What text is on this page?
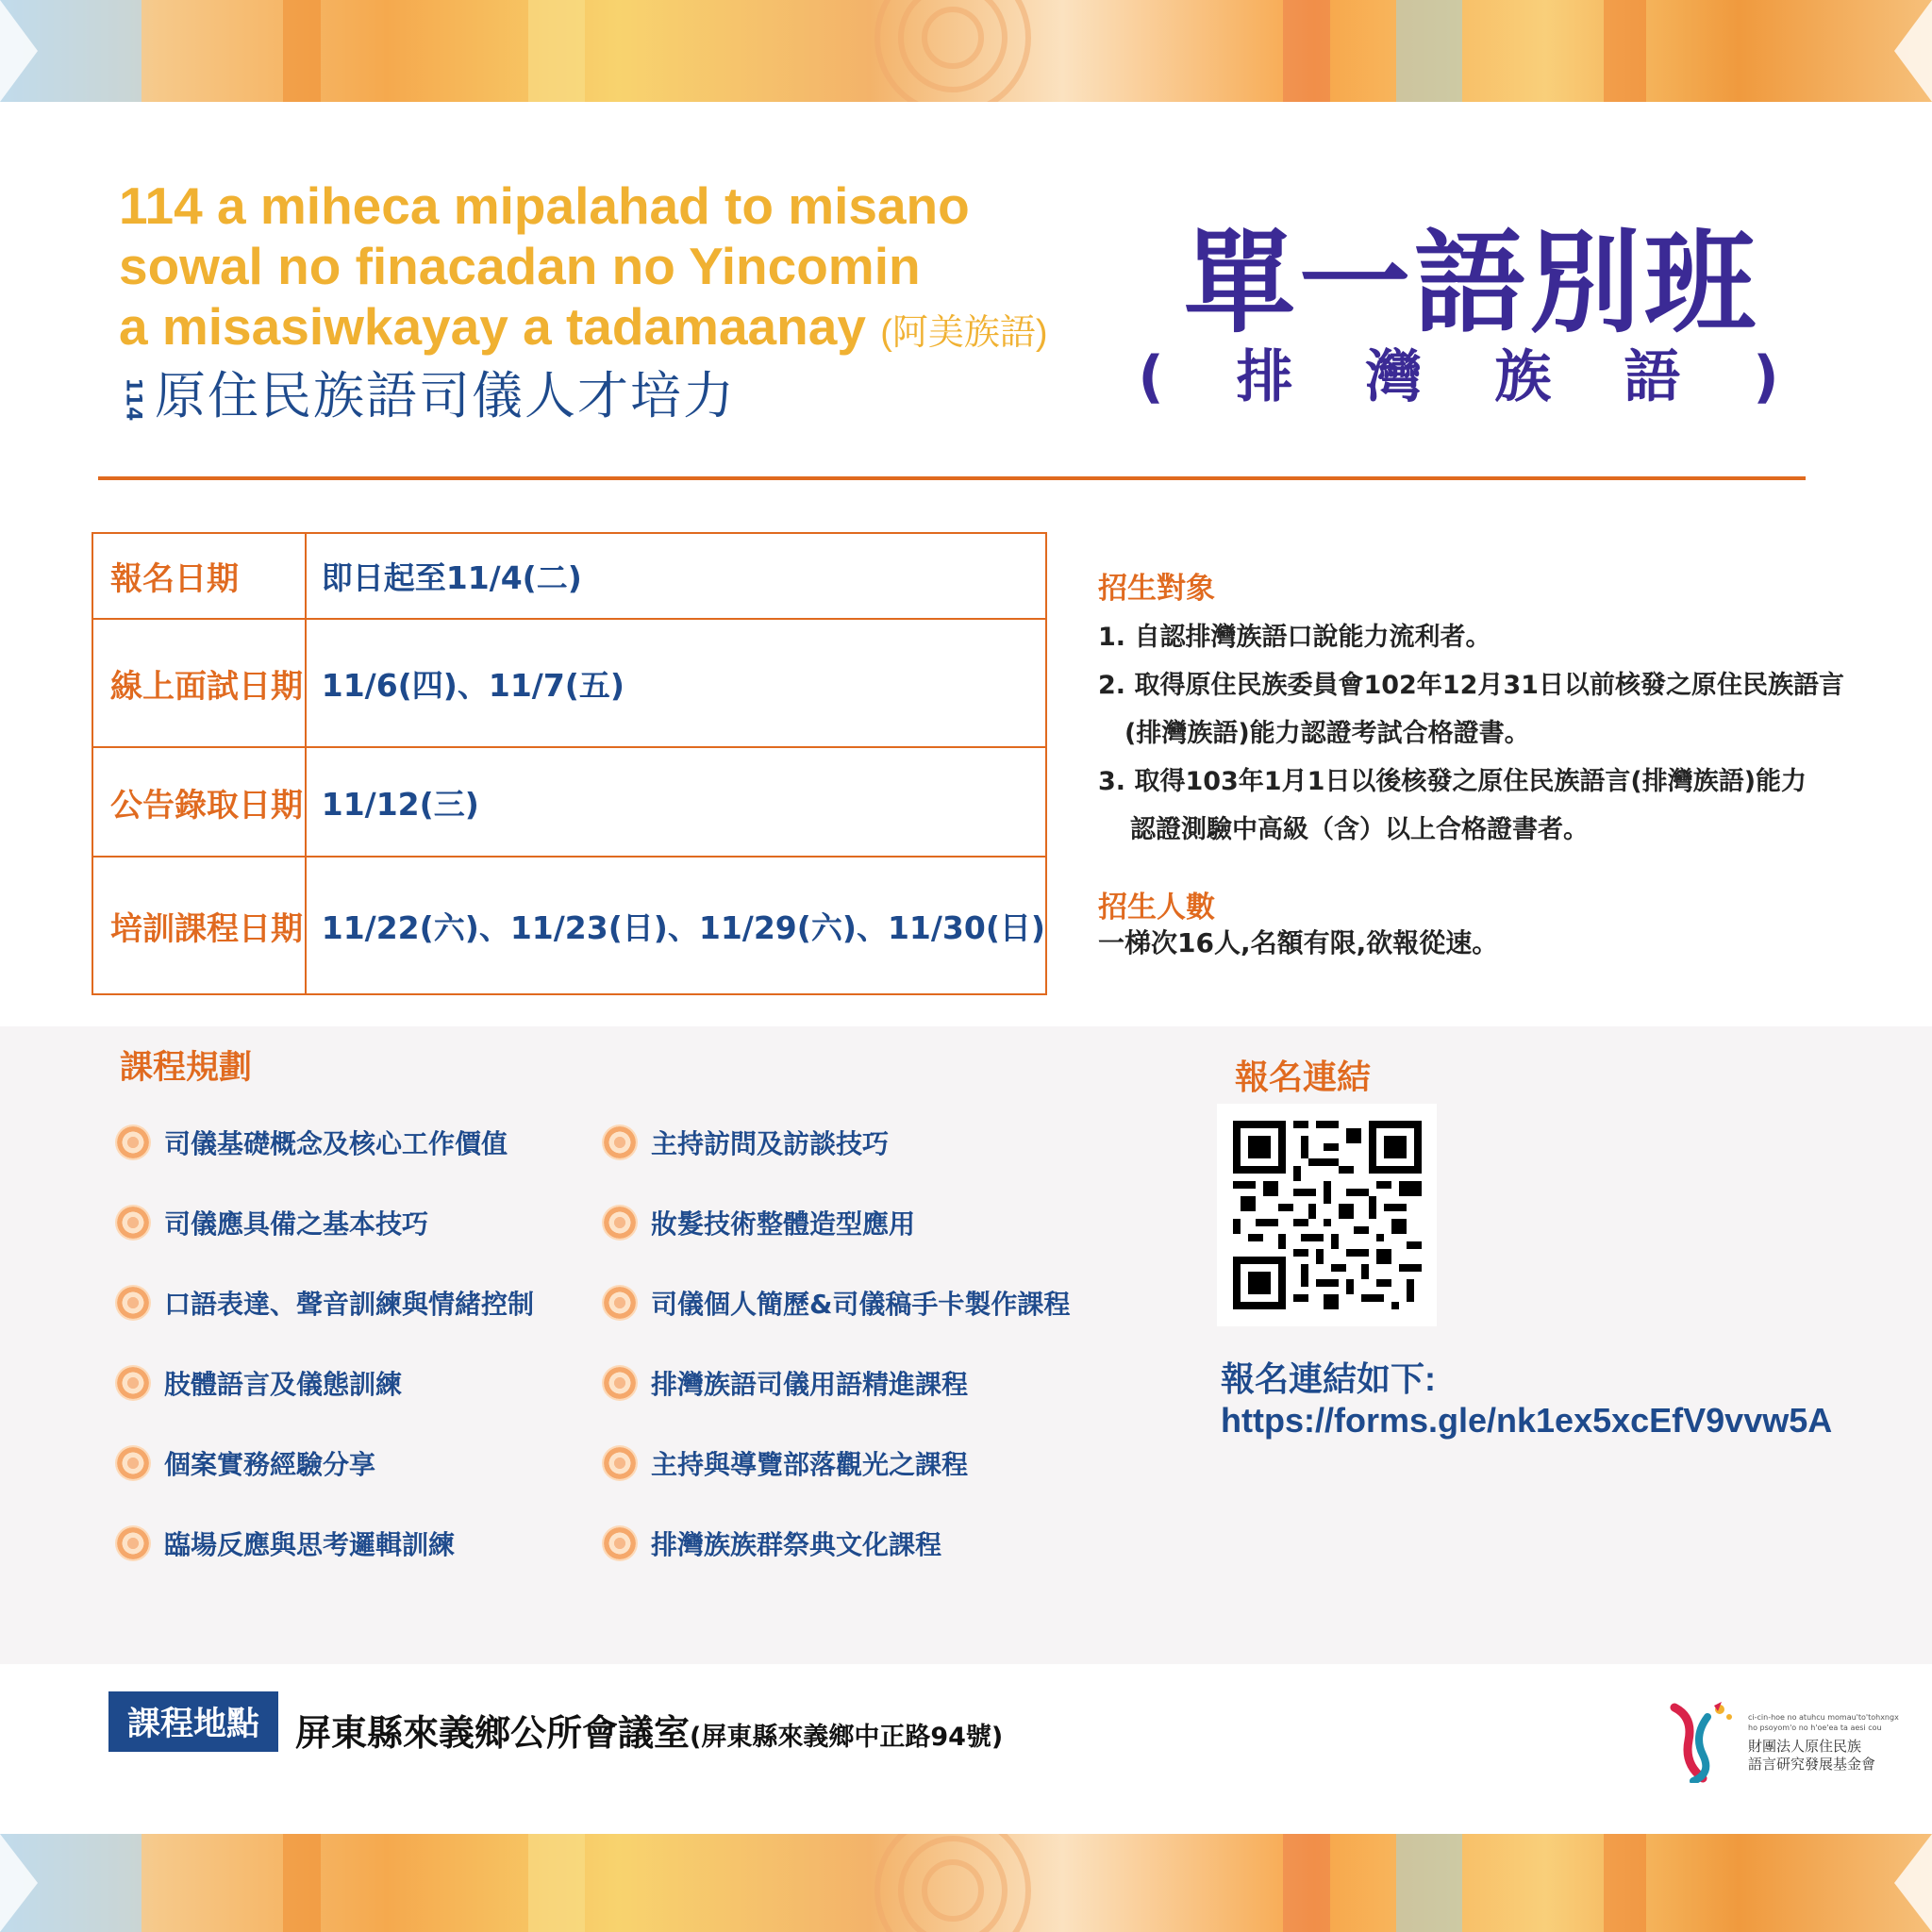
114 a miheca mipalahad to misano
sowal no finacadan no Yincomin
a misasiwkayay a tadamaanay (阿美族語)
114 原住民族語司儀人才培力
單一語別班
( 排 灣 族 語 )
報名日期	即日起至11/4(二)
線上面試日期	11/6(四)、11/7(五)
公告錄取日期	11/12(三)
培訓課程日期	11/22(六)、11/23(日)、11/29(六)、11/30(日)
招生對象
1. 自認排灣族語口說能力流利者。
2. 取得原住民族委員會102年12月31日以前核發之原住民族語言
(排灣族語)能力認證考試合格證書。
3. 取得103年1月1日以後核發之原住民族語言(排灣族語)能力
認證測驗中高級（含）以上合格證書者。
招生人數
一梯次16人,名額有限,欲報從速。
課程規劃
司儀基礎概念及核心工作價值
司儀應具備之基本技巧
口語表達、聲音訓練與情緒控制
肢體語言及儀態訓練
個案實務經驗分享
臨場反應與思考邏輯訓練
主持訪問及訪談技巧
妝髮技術整體造型應用
司儀個人簡歷&司儀稿手卡製作課程
排灣族語司儀用語精進課程
主持與導覽部落觀光之課程
排灣族族群祭典文化課程
報名連結
報名連結如下:
https://forms.gle/nk1ex5xcEfV9vvw5A
課程地點	屏東縣來義鄉公所會議室(屏東縣來義鄉中正路94號)
ci-cin-hoe no atuhcu momau'to'tohxngx
ho psoyom'o no h'oe'ea ta aesi cou
財團法人原住民族
語言研究發展基金會
